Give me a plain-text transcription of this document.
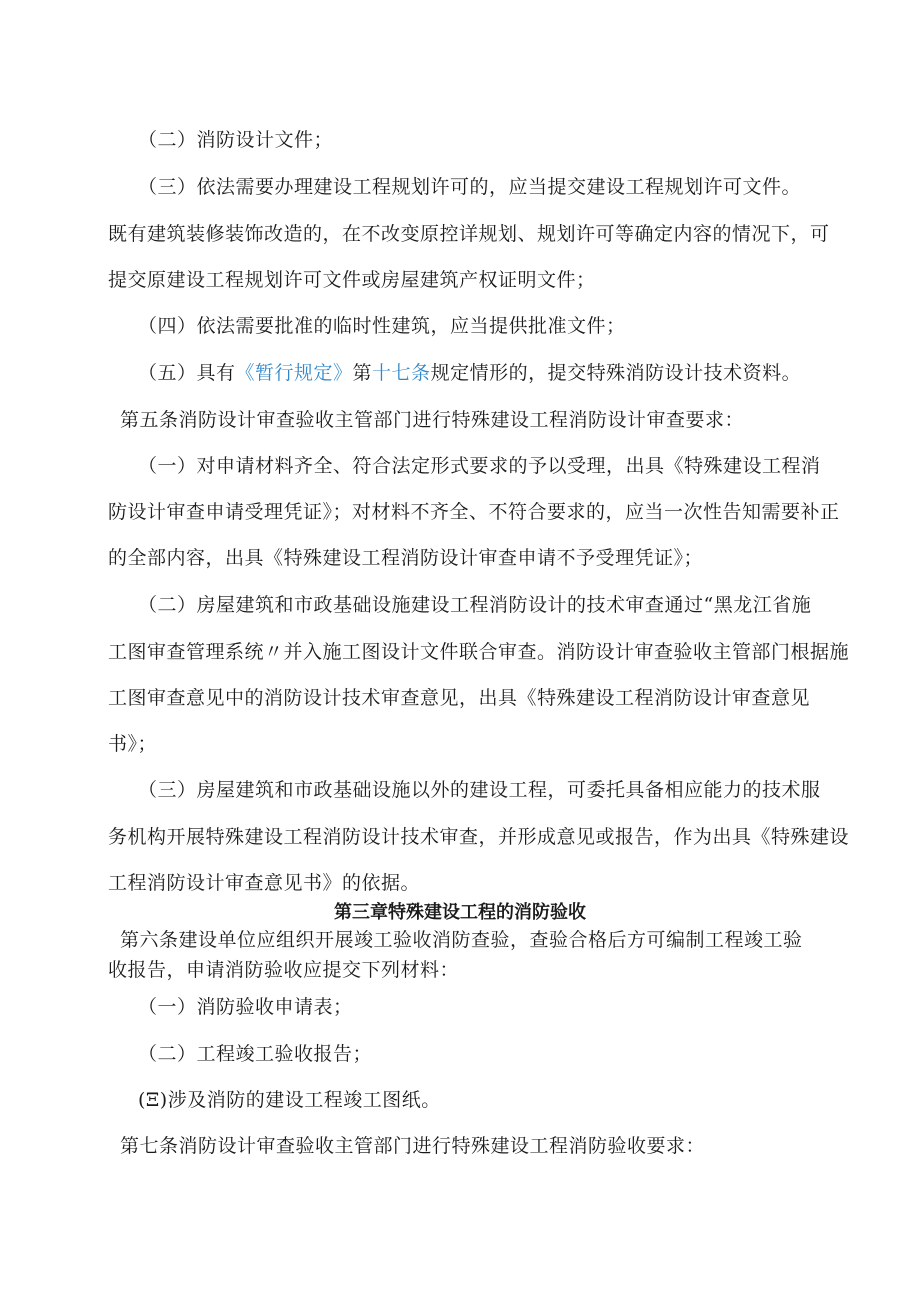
（二）消防设计文件；
（三）依法需要办理建设工程规划许可的，应当提交建设工程规划许可文件。
既有建筑装修装饰改造的，在不改变原控详规划、规划许可等确定内容的情况下，可
提交原建设工程规划许可文件或房屋建筑产权证明文件；
（四）依法需要批准的临时性建筑，应当提供批准文件；
（五）具有《暂行规定》第十七条规定情形的，提交特殊消防设计技术资料。
第五条消防设计审查验收主管部门进行特殊建设工程消防设计审查要求：
（一）对申请材料齐全、符合法定形式要求的予以受理，出具《特殊建设工程消
防设计审查申请受理凭证》；对材料不齐全、不符合要求的，应当一次性告知需要补正
的全部内容，出具《特殊建设工程消防设计审查申请不予受理凭证》；
（二）房屋建筑和市政基础设施建设工程消防设计的技术审查通过“黑龙江省施
工图审查管理系统〃并入施工图设计文件联合审查。消防设计审查验收主管部门根据施
工图审查意见中的消防设计技术审查意见，出具《特殊建设工程消防设计审查意见
书》；
（三）房屋建筑和市政基础设施以外的建设工程，可委托具备相应能力的技术服
务机构开展特殊建设工程消防设计技术审查，并形成意见或报告，作为出具《特殊建设
工程消防设计审查意见书》的依据。
第三章特殊建设工程的消防验收
第六条建设单位应组织开展竣工验收消防查验，查验合格后方可编制工程竣工验
收报告，申请消防验收应提交下列材料：
（一）消防验收申请表；
（二）工程竣工验收报告；
(Ξ)涉及消防的建设工程竣工图纸。
第七条消防设计审查验收主管部门进行特殊建设工程消防验收要求：
